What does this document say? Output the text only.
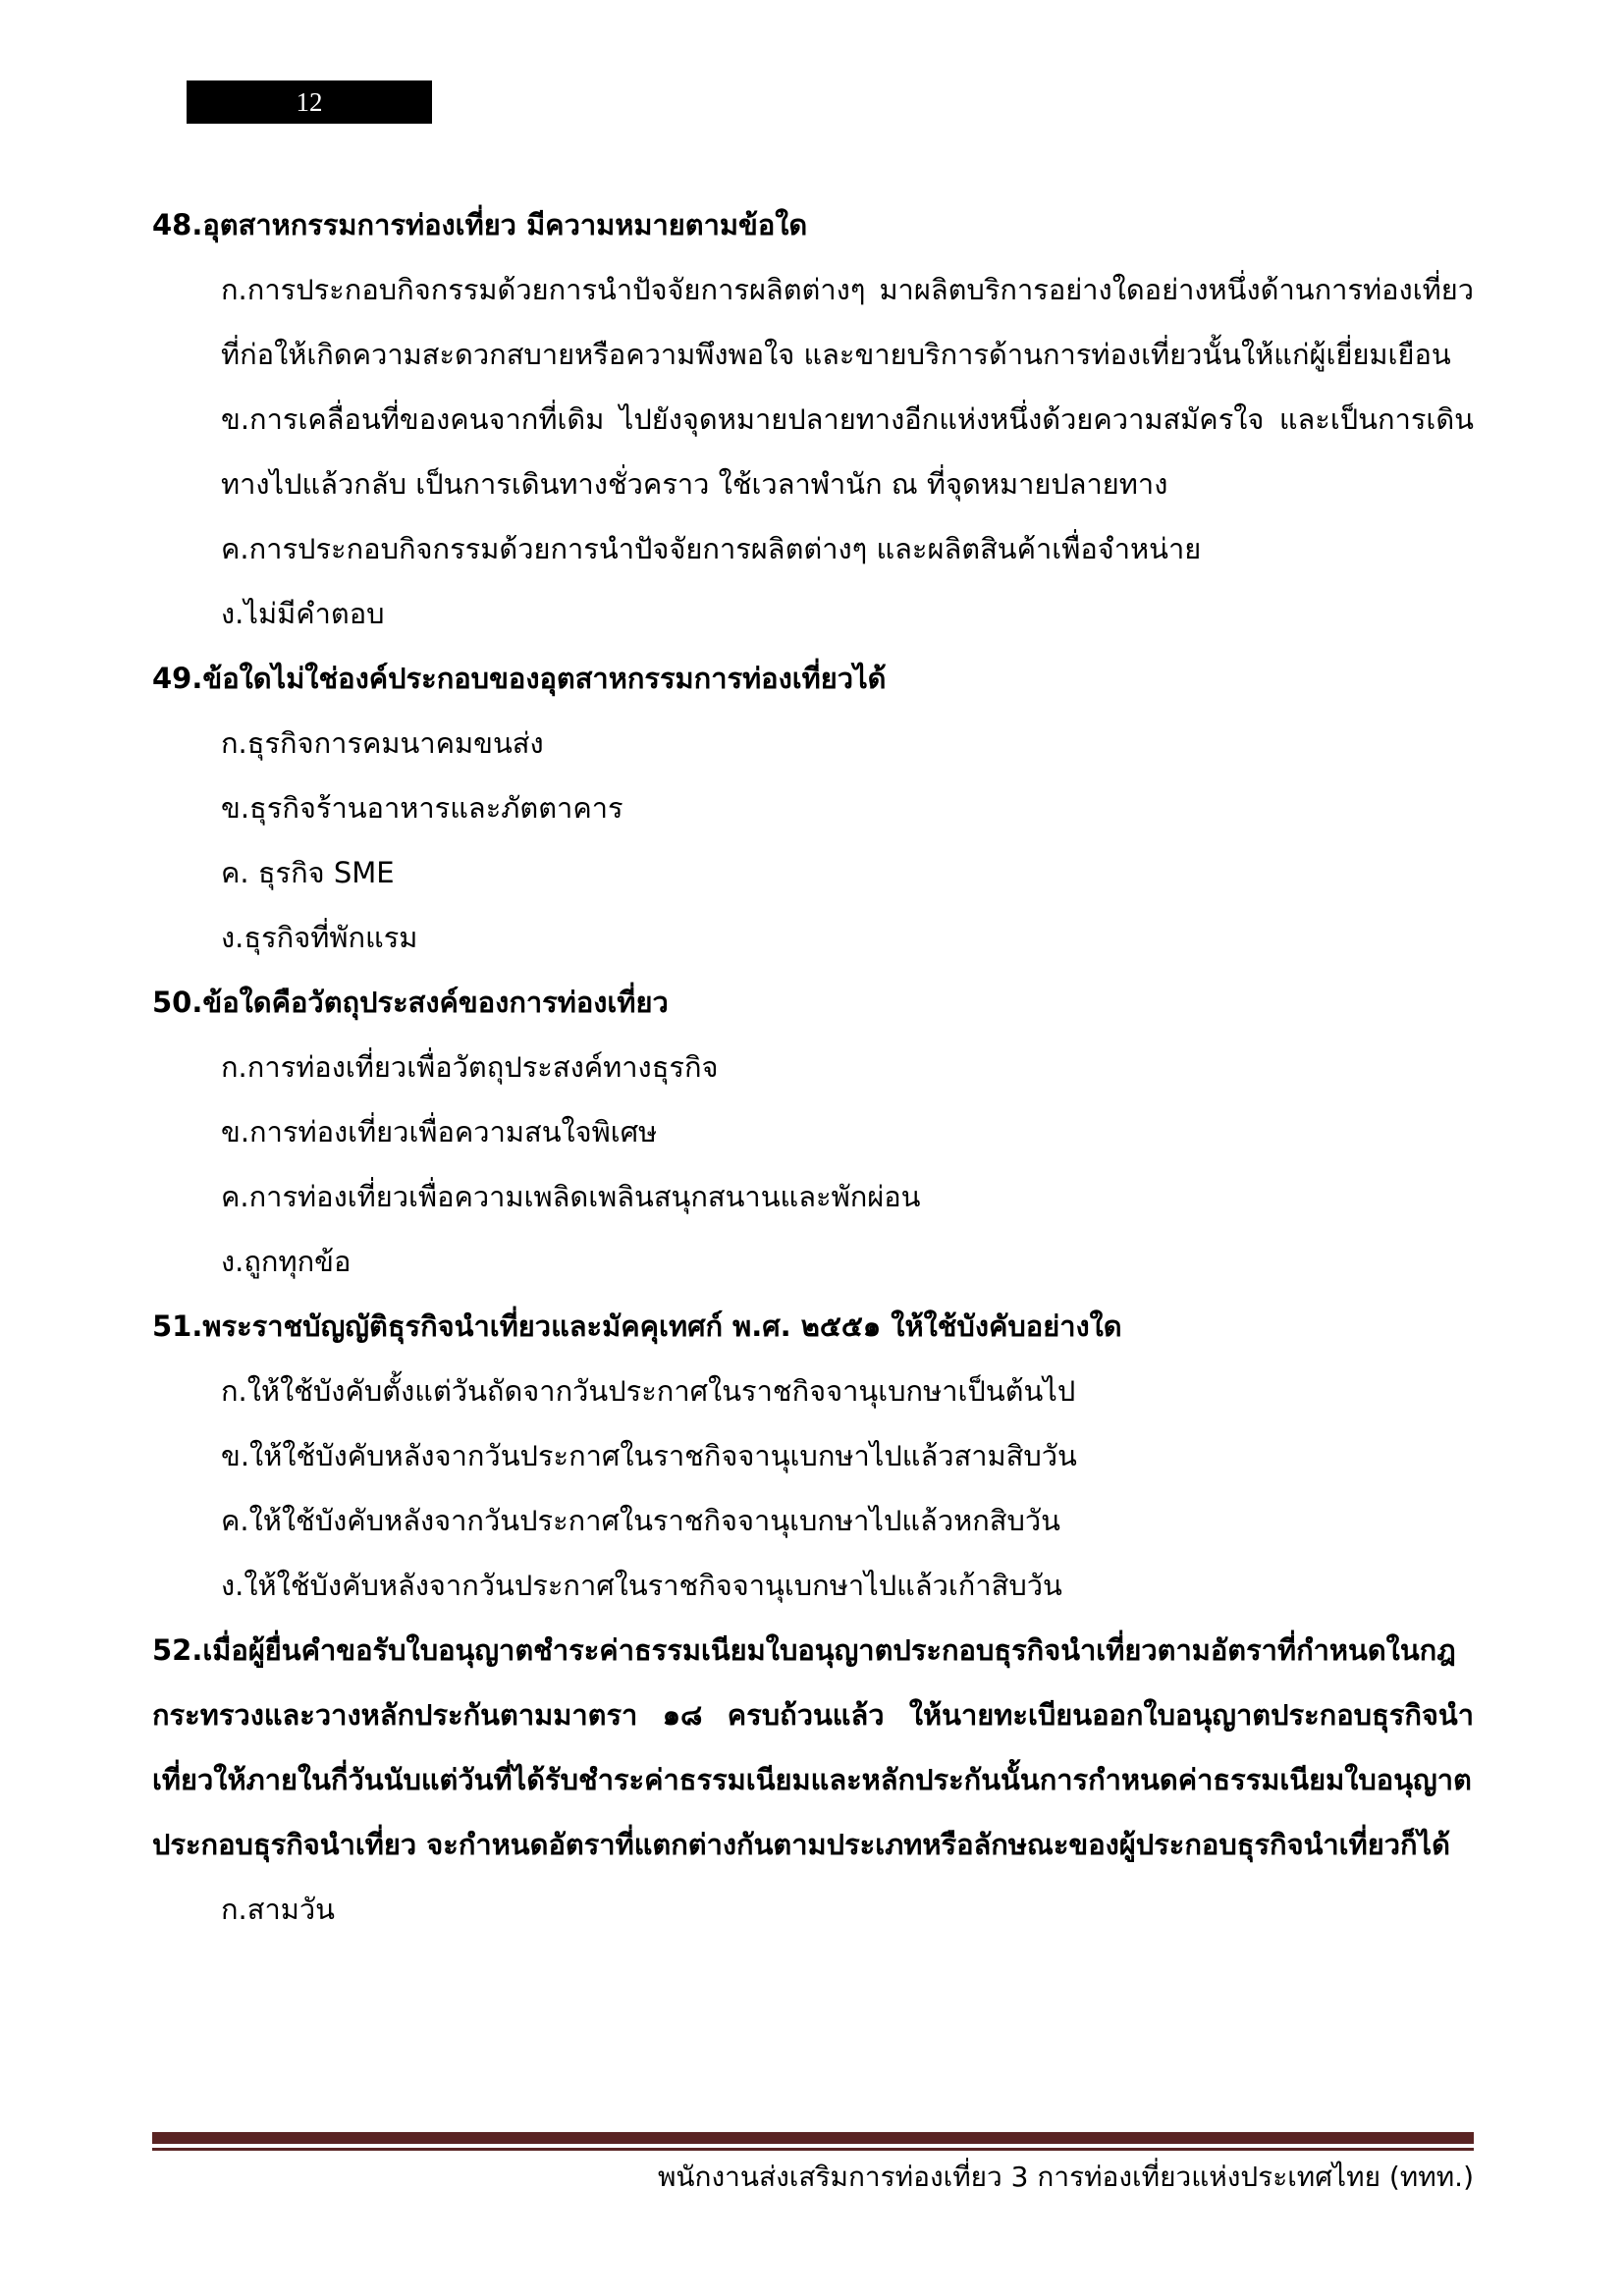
12
48.อุตสาหกรรมการท่องเที่ยว มีความหมายตามข้อใด
ก.การประกอบกิจกรรมด้วยการนำปัจจัยการผลิตต่างๆ มาผลิตบริการอย่างใดอย่างหนึ่งด้านการท่องเที่ยว ที่ก่อให้เกิดความสะดวกสบายหรือความพึงพอใจ และขายบริการด้านการท่องเที่ยวนั้นให้แก่ผู้เยี่ยมเยือน
ข.การเคลื่อนที่ของคนจากที่เดิม ไปยังจุดหมายปลายทางอีกแห่งหนึ่งด้วยความสมัครใจ และเป็นการเดินทางไปแล้วกลับ เป็นการเดินทางชั่วคราว ใช้เวลาพำนัก ณ ที่จุดหมายปลายทาง
ค.การประกอบกิจกรรมด้วยการนำปัจจัยการผลิตต่างๆ และผลิตสินค้าเพื่อจำหน่าย
ง.ไม่มีคำตอบ
49.ข้อใดไม่ใช่องค์ประกอบของอุตสาหกรรมการท่องเที่ยวได้
ก.ธุรกิจการคมนาคมขนส่ง
ข.ธุรกิจร้านอาหารและภัตตาคาร
ค. ธุรกิจ SME
ง.ธุรกิจที่พักแรม
50.ข้อใดคือวัตถุประสงค์ของการท่องเที่ยว
ก.การท่องเที่ยวเพื่อวัตถุประสงค์ทางธุรกิจ
ข.การท่องเที่ยวเพื่อความสนใจพิเศษ
ค.การท่องเที่ยวเพื่อความเพลิดเพลินสนุกสนานและพักผ่อน
ง.ถูกทุกข้อ
51.พระราชบัญญัติธุรกิจนำเที่ยวและมัคคุเทศก์ พ.ศ. ๒๕๕๑ ให้ใช้บังคับอย่างใด
ก.ให้ใช้บังคับตั้งแต่วันถัดจากวันประกาศในราชกิจจานุเบกษาเป็นต้นไป
ข.ให้ใช้บังคับหลังจากวันประกาศในราชกิจจานุเบกษาไปแล้วสามสิบวัน
ค.ให้ใช้บังคับหลังจากวันประกาศในราชกิจจานุเบกษาไปแล้วหกสิบวัน
ง.ให้ใช้บังคับหลังจากวันประกาศในราชกิจจานุเบกษาไปแล้วเก้าสิบวัน
52.เมื่อผู้ยื่นคำขอรับใบอนุญาตชำระค่าธรรมเนียมใบอนุญาตประกอบธุรกิจนำเที่ยวตามอัตราที่กำหนดในกฎกระทรวงและวางหลักประกันตามมาตรา ๑๘ ครบถ้วนแล้ว ให้นายทะเบียนออกใบอนุญาตประกอบธุรกิจนำเที่ยวให้ภายในกี่วันนับแต่วันที่ได้รับชำระค่าธรรมเนียมและหลักประกันนั้นการกำหนดค่าธรรมเนียมใบอนุญาตประกอบธุรกิจนำเที่ยว จะกำหนดอัตราที่แตกต่างกันตามประเภทหรือลักษณะของผู้ประกอบธุรกิจนำเที่ยวก็ได้
ก.สามวัน
พนักงานส่งเสริมการท่องเที่ยว 3 การท่องเที่ยวแห่งประเทศไทย (ททท.)
